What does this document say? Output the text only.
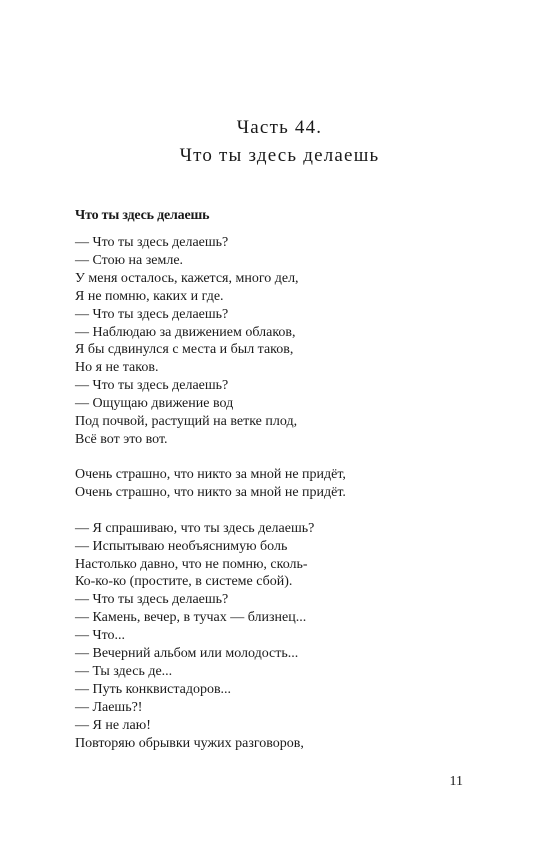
Часть 44.
Что ты здесь делаешь
Что ты здесь делаешь
— Что ты здесь делаешь?
— Стою на земле.
У меня осталось, кажется, много дел,
Я не помню, каких и где.
— Что ты здесь делаешь?
— Наблюдаю за движением облаков,
Я бы сдвинулся с места и был таков,
Но я не таков.
— Что ты здесь делаешь?
— Ощущаю движение вод
Под почвой, растущий на ветке плод,
Всё вот это вот.
Очень страшно, что никто за мной не придёт,
Очень страшно, что никто за мной не придёт.
— Я спрашиваю, что ты здесь делаешь?
— Испытываю необъяснимую боль
Настолько давно, что не помню, сколь-
Ко-ко-ко (простите, в системе сбой).
— Что ты здесь делаешь?
— Камень, вечер, в тучах — близнец...
— Что...
— Вечерний альбом или молодость...
— Ты здесь де...
— Путь конквистадоров...
— Лаешь?!
— Я не лаю!
Повторяю обрывки чужих разговоров,
11
